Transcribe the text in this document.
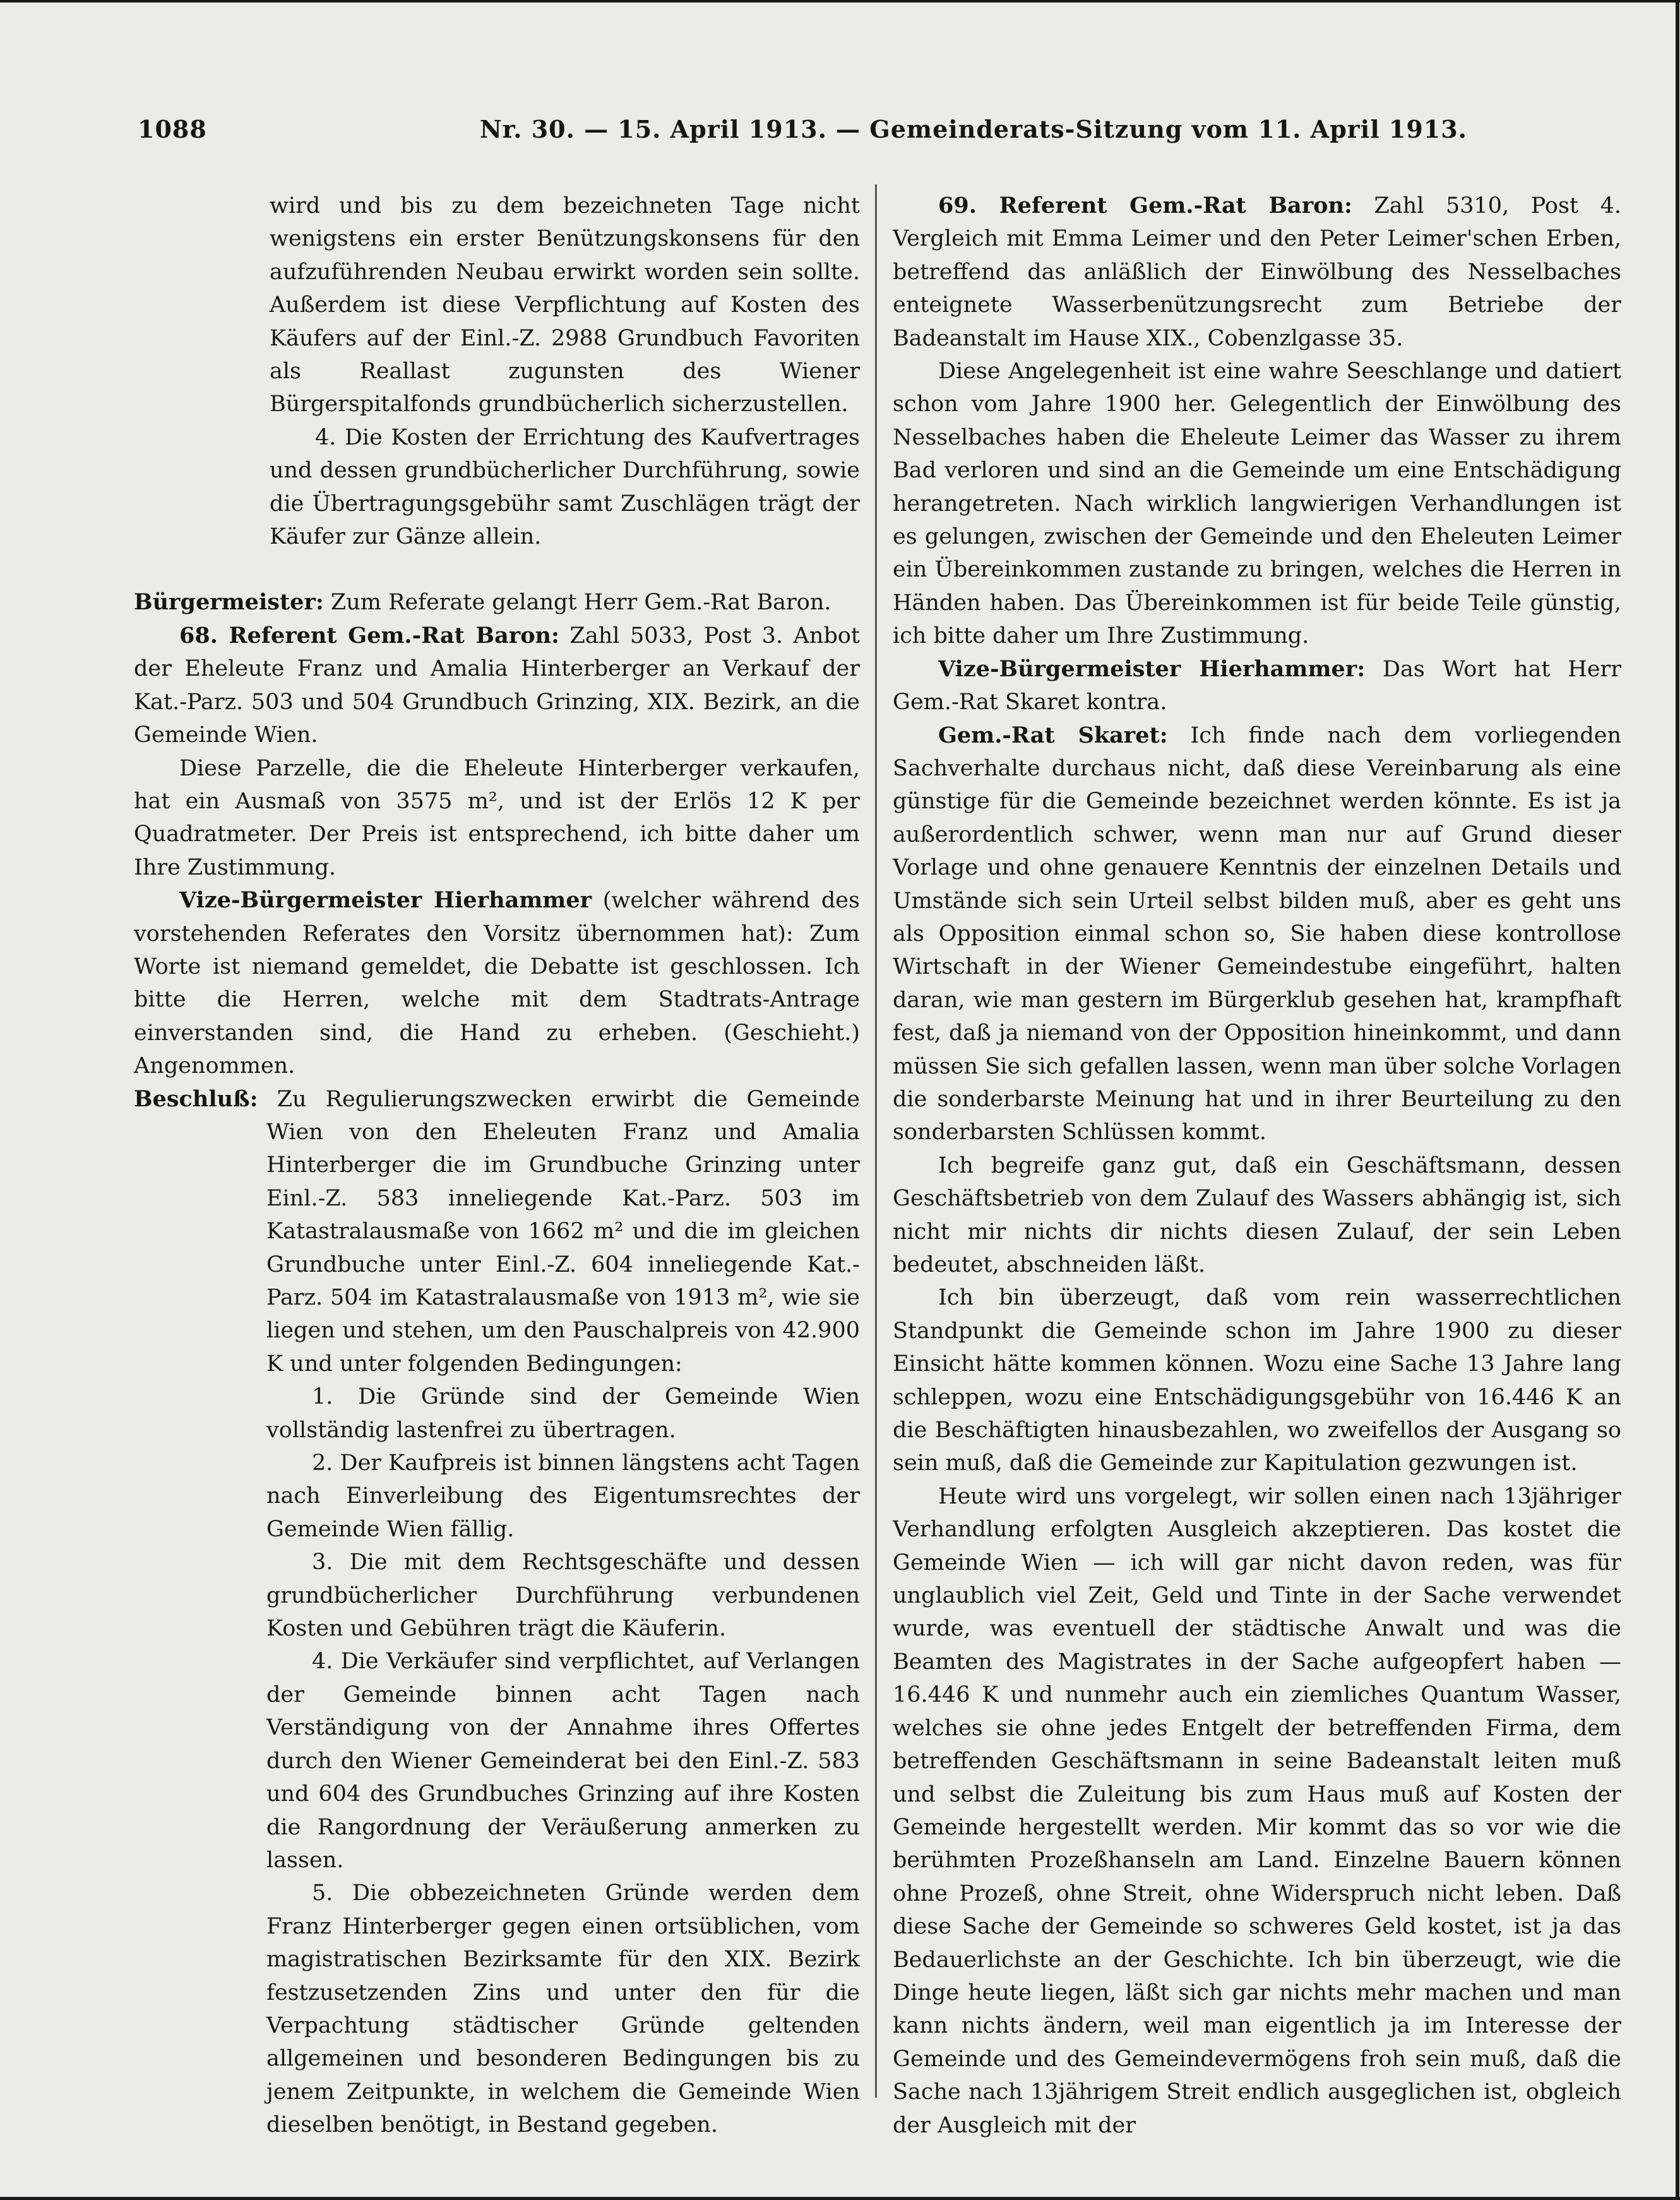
1088	Nr. 30. — 15. April 1913. — Gemeinderats-Sitzung vom 11. April 1913.

wird und bis zu dem bezeichneten Tage nicht wenigstens ein erster Benützungskonsens für den aufzuführenden Neubau erwirkt worden sein sollte. Außerdem ist diese Verpflichtung auf Kosten des Käufers auf der Einl.-Z. 2988 Grundbuch Favoriten als Reallast zugunsten des Wiener Bürgerspitalfonds grundbücherlich sicherzustellen.

4. Die Kosten der Errichtung des Kaufvertrages und dessen grundbücherlicher Durchführung, sowie die Übertragungsgebühr samt Zuschlägen trägt der Käufer zur Gänze allein.

Bürgermeister: Zum Referate gelangt Herr Gem.-Rat Baron.

68. Referent Gem.-Rat Baron: Zahl 5033, Post 3. Anbot der Eheleute Franz und Amalia Hinterberger an Verkauf der Kat.-Parz. 503 und 504 Grundbuch Grinzing, XIX. Bezirk, an die Gemeinde Wien.

Diese Parzelle, die die Eheleute Hinterberger verkaufen, hat ein Ausmaß von 3575 m², und ist der Erlös 12 K per Quadratmeter. Der Preis ist entsprechend, ich bitte daher um Ihre Zustimmung.

Vize-Bürgermeister Hierhammer (welcher während des vorstehenden Referates den Vorsitz übernommen hat): Zum Worte ist niemand gemeldet, die Debatte ist geschlossen. Ich bitte die Herren, welche mit dem Stadtrats-Antrage einverstanden sind, die Hand zu erheben. (Geschieht.) Angenommen.

Beschluß: Zu Regulierungszwecken erwirbt die Gemeinde Wien von den Eheleuten Franz und Amalia Hinterberger die im Grundbuche Grinzing unter Einl.-Z. 583 inneliegende Kat.-Parz. 503 im Katastralausmaße von 1662 m² und die im gleichen Grundbuche unter Einl.-Z. 604 inneliegende Kat.-Parz. 504 im Katastralausmaße von 1913 m², wie sie liegen und stehen, um den Pauschalpreis von 42.900 K und unter folgenden Bedingungen:

1. Die Gründe sind der Gemeinde Wien vollständig lastenfrei zu übertragen.

2. Der Kaufpreis ist binnen längstens acht Tagen nach Einverleibung des Eigentumsrechtes der Gemeinde Wien fällig.

3. Die mit dem Rechtsgeschäfte und dessen grundbücherlicher Durchführung verbundenen Kosten und Gebühren trägt die Käuferin.

4. Die Verkäufer sind verpflichtet, auf Verlangen der Gemeinde binnen acht Tagen nach Verständigung von der Annahme ihres Offertes durch den Wiener Gemeinderat bei den Einl.-Z. 583 und 604 des Grundbuches Grinzing auf ihre Kosten die Rangordnung der Veräußerung anmerken zu lassen.

5. Die obbezeichneten Gründe werden dem Franz Hinterberger gegen einen ortsüblichen, vom magistratischen Bezirksamte für den XIX. Bezirk festzusetzenden Zins und unter den für die Verpachtung städtischer Gründe geltenden allgemeinen und besonderen Bedingungen bis zu jenem Zeitpunkte, in welchem die Gemeinde Wien dieselben benötigt, in Bestand gegeben.

69. Referent Gem.-Rat Baron: Zahl 5310, Post 4. Vergleich mit Emma Leimer und den Peter Leimer'schen Erben, betreffend das anläßlich der Einwölbung des Nesselbaches enteignete Wasserbenützungsrecht zum Betriebe der Badeanstalt im Hause XIX., Cobenzlgasse 35.

Diese Angelegenheit ist eine wahre Seeschlange und datiert schon vom Jahre 1900 her. Gelegentlich der Einwölbung des Nesselbaches haben die Eheleute Leimer das Wasser zu ihrem Bad verloren und sind an die Gemeinde um eine Entschädigung herangetreten. Nach wirklich langwierigen Verhandlungen ist es gelungen, zwischen der Gemeinde und den Eheleuten Leimer ein Übereinkommen zustande zu bringen, welches die Herren in Händen haben. Das Übereinkommen ist für beide Teile günstig, ich bitte daher um Ihre Zustimmung.

Vize-Bürgermeister Hierhammer: Das Wort hat Herr Gem.-Rat Skaret kontra.

Gem.-Rat Skaret: Ich finde nach dem vorliegenden Sachverhalte durchaus nicht, daß diese Vereinbarung als eine günstige für die Gemeinde bezeichnet werden könnte. Es ist ja außerordentlich schwer, wenn man nur auf Grund dieser Vorlage und ohne genauere Kenntnis der einzelnen Details und Umstände sich sein Urteil selbst bilden muß, aber es geht uns als Opposition einmal schon so, Sie haben diese kontrollose Wirtschaft in der Wiener Gemeindestube eingeführt, halten daran, wie man gestern im Bürgerklub gesehen hat, krampfhaft fest, daß ja niemand von der Opposition hineinkommt, und dann müssen Sie sich gefallen lassen, wenn man über solche Vorlagen die sonderbarste Meinung hat und in ihrer Beurteilung zu den sonderbarsten Schlüssen kommt.

Ich begreife ganz gut, daß ein Geschäftsmann, dessen Geschäftsbetrieb von dem Zulauf des Wassers abhängig ist, sich nicht mir nichts dir nichts diesen Zulauf, der sein Leben bedeutet, abschneiden läßt.

Ich bin überzeugt, daß vom rein wasserrechtlichen Standpunkt die Gemeinde schon im Jahre 1900 zu dieser Einsicht hätte kommen können. Wozu eine Sache 13 Jahre lang schleppen, wozu eine Entschädigungsgebühr von 16.446 K an die Beschäftigten hinausbezahlen, wo zweifellos der Ausgang so sein muß, daß die Gemeinde zur Kapitulation gezwungen ist.

Heute wird uns vorgelegt, wir sollen einen nach 13jähriger Verhandlung erfolgten Ausgleich akzeptieren. Das kostet die Gemeinde Wien — ich will gar nicht davon reden, was für unglaublich viel Zeit, Geld und Tinte in der Sache verwendet wurde, was eventuell der städtische Anwalt und was die Beamten des Magistrates in der Sache aufgeopfert haben — 16.446 K und nunmehr auch ein ziemliches Quantum Wasser, welches sie ohne jedes Entgelt der betreffenden Firma, dem betreffenden Geschäftsmann in seine Badeanstalt leiten muß und selbst die Zuleitung bis zum Haus muß auf Kosten der Gemeinde hergestellt werden. Mir kommt das so vor wie die berühmten Prozeßhanseln am Land. Einzelne Bauern können ohne Prozeß, ohne Streit, ohne Widerspruch nicht leben. Daß diese Sache der Gemeinde so schweres Geld kostet, ist ja das Bedauerlichste an der Geschichte. Ich bin überzeugt, wie die Dinge heute liegen, läßt sich gar nichts mehr machen und man kann nichts ändern, weil man eigentlich ja im Interesse der Gemeinde und des Gemeindevermögens froh sein muß, daß die Sache nach 13jährigem Streit endlich ausgeglichen ist, obgleich der Ausgleich mit der
